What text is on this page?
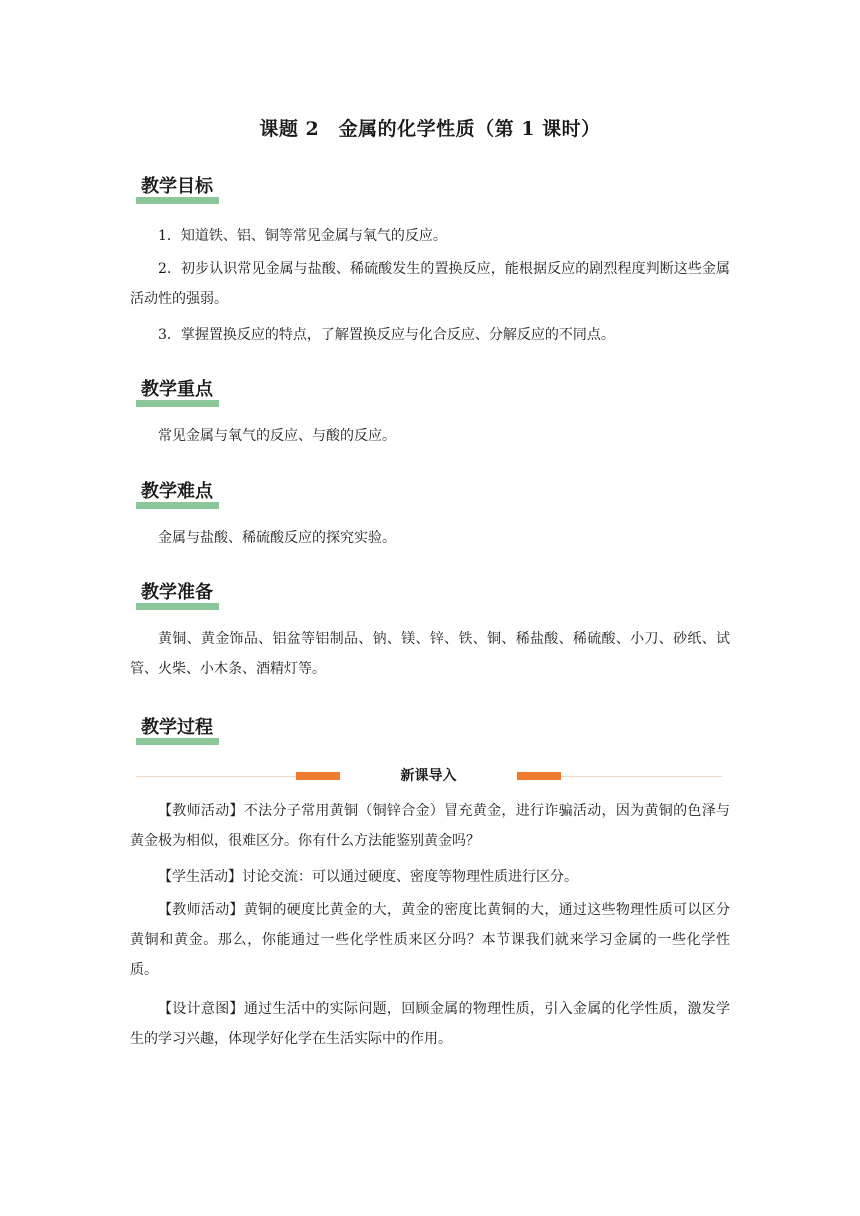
课题 2　金属的化学性质（第 1 课时）
教学目标

1．知道铁、铝、铜等常见金属与氧气的反应。

2．初步认识常见金属与盐酸、稀硫酸发生的置换反应，能根据反应的剧烈程度判断这些金属活动性的强弱。

3．掌握置换反应的特点，了解置换反应与化合反应、分解反应的不同点。

教学重点

常见金属与氧气的反应、与酸的反应。

教学难点

金属与盐酸、稀硫酸反应的探究实验。

教学准备

黄铜、黄金饰品、铝盆等铝制品、钠、镁、锌、铁、铜、稀盐酸、稀硫酸、小刀、砂纸、试管、火柴、小木条、酒精灯等。

教学过程
新课导入

【教师活动】不法分子常用黄铜（铜锌合金）冒充黄金，进行诈骗活动，因为黄铜的色泽与黄金极为相似，很难区分。你有什么方法能鉴别黄金吗？

【学生活动】讨论交流：可以通过硬度、密度等物理性质进行区分。

【教师活动】黄铜的硬度比黄金的大，黄金的密度比黄铜的大，通过这些物理性质可以区分黄铜和黄金。那么，你能通过一些化学性质来区分吗？本节课我们就来学习金属的一些化学性质。

【设计意图】通过生活中的实际问题，回顾金属的物理性质，引入金属的化学性质，激发学生的学习兴趣，体现学好化学在生活实际中的作用。
